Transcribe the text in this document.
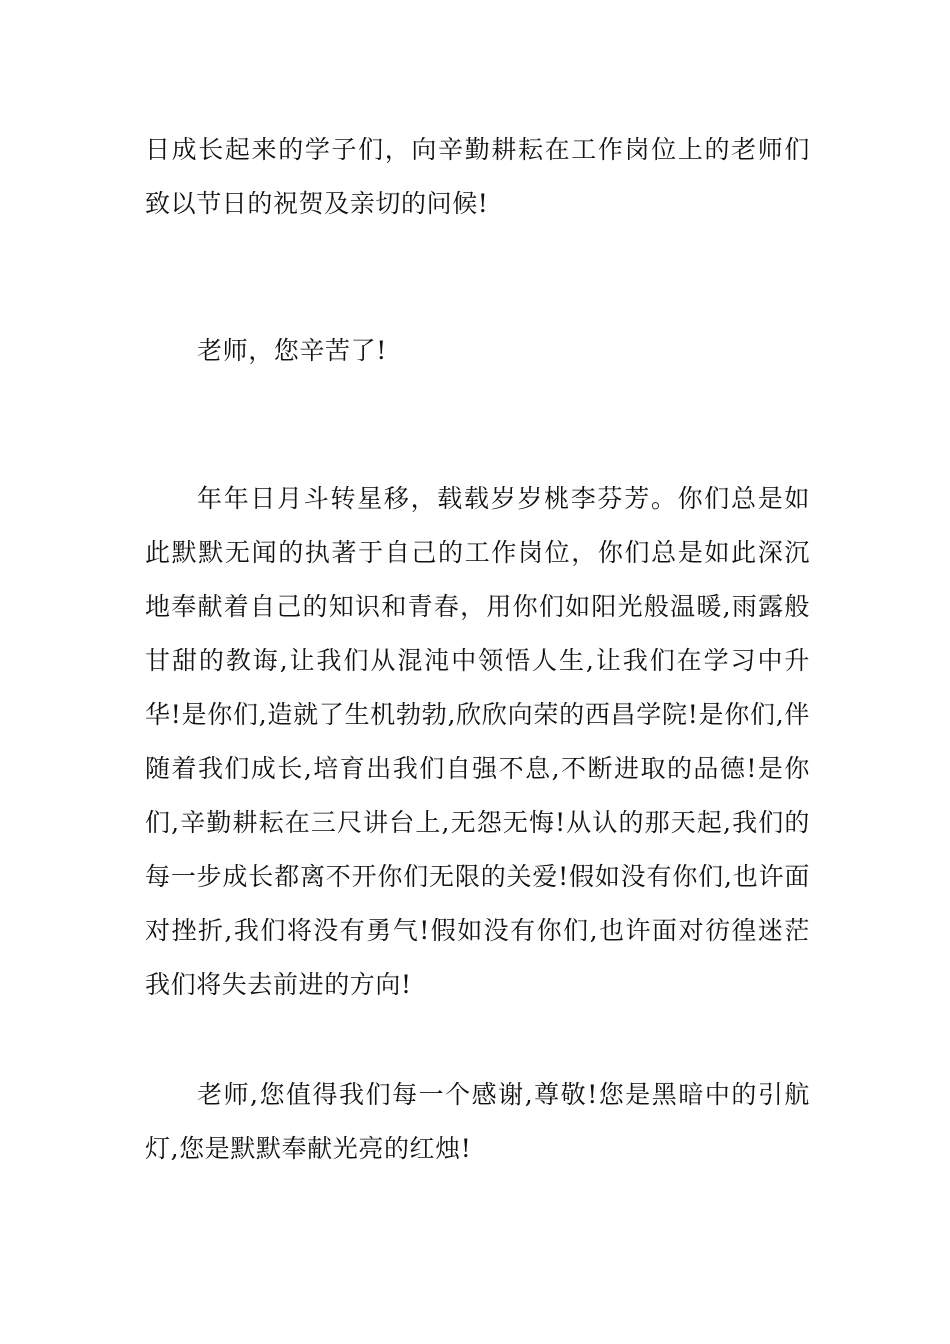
日成长起来的学子们，向辛勤耕耘在工作岗位上的老师们致以节日的祝贺及亲切的问候!

老师，您辛苦了!

年年日月斗转星移，载载岁岁桃李芬芳。你们总是如此默默无闻的执著于自己的工作岗位，你们总是如此深沉地奉献着自己的知识和青春，用你们如阳光般温暖,雨露般甘甜的教诲,让我们从混沌中领悟人生,让我们在学习中升华!是你们,造就了生机勃勃,欣欣向荣的西昌学院!是你们,伴随着我们成长,培育出我们自强不息,不断进取的品德!是你们,辛勤耕耘在三尺讲台上,无怨无悔!从认的那天起,我们的每一步成长都离不开你们无限的关爱!假如没有你们,也许面对挫折,我们将没有勇气!假如没有你们,也许面对彷徨迷茫我们将失去前进的方向!

老师,您值得我们每一个感谢,尊敬!您是黑暗中的引航灯,您是默默奉献光亮的红烛!
